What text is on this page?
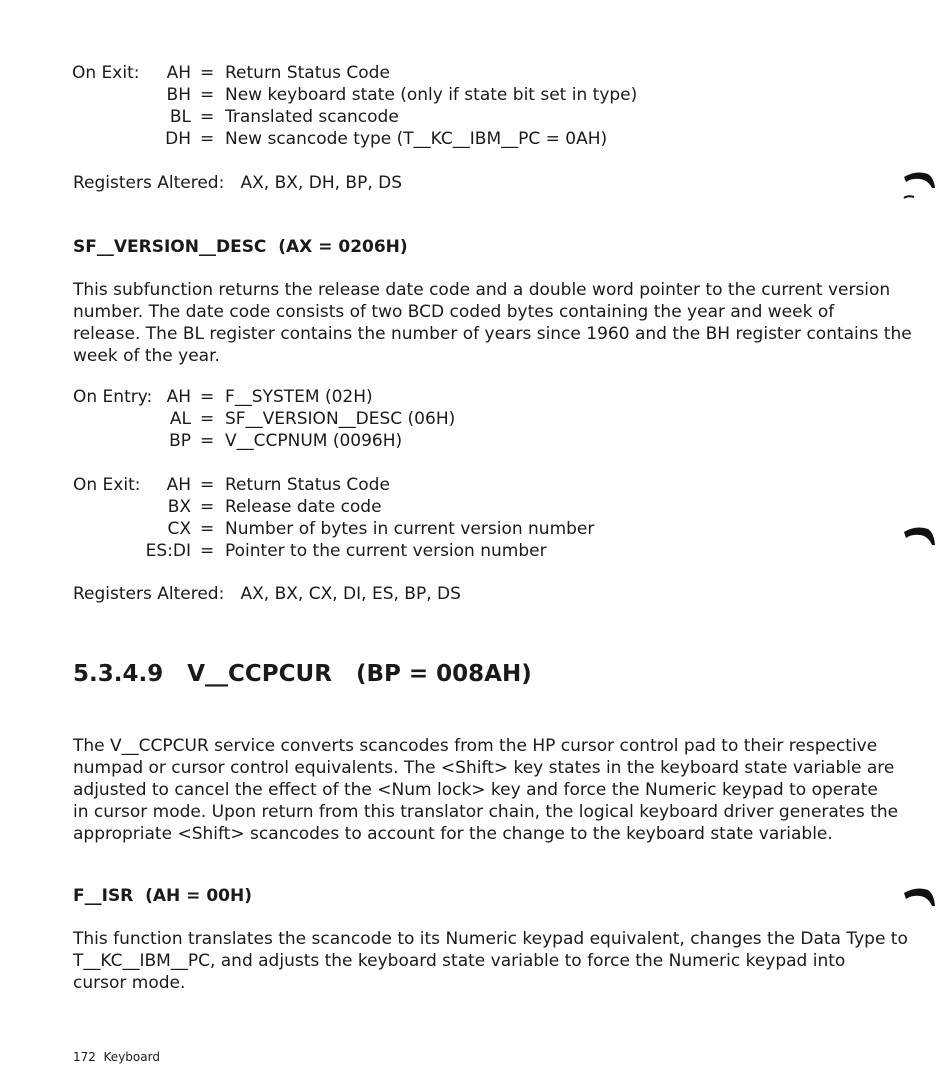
On Exit:	AH = Return Status Code
BH = New keyboard state (only if state bit set in type)
BL = Translated scancode
DH = New scancode type (T__KC__IBM__PC = 0AH)
Registers Altered:   AX, BX, DH, BP, DS
SF__VERSION__DESC  (AX = 0206H)
This subfunction returns the release date code and a double word pointer to the current version
number. The date code consists of two BCD coded bytes containing the year and week of
release. The BL register contains the number of years since 1960 and the BH register contains the
week of the year.
On Entry: AH = F__SYSTEM (02H)
AL = SF__VERSION__DESC (06H)
BP = V__CCPNUM (0096H)
On Exit:	AH = Return Status Code
BX = Release date code
CX = Number of bytes in current version number
ES:DI = Pointer to the current version number
Registers Altered:   AX, BX, CX, DI, ES, BP, DS
5.3.4.9   V__CCPCUR   (BP = 008AH)
The V__CCPCUR service converts scancodes from the HP cursor control pad to their respective
numpad or cursor control equivalents. The <Shift> key states in the keyboard state variable are
adjusted to cancel the effect of the <Num lock> key and force the Numeric keypad to operate
in cursor mode. Upon return from this translator chain, the logical keyboard driver generates the
appropriate <Shift> scancodes to account for the change to the keyboard state variable.
F__ISR  (AH = 00H)
This function translates the scancode to its Numeric keypad equivalent, changes the Data Type to
T__KC__IBM__PC, and adjusts the keyboard state variable to force the Numeric keypad into
cursor mode.
172  Keyboard
